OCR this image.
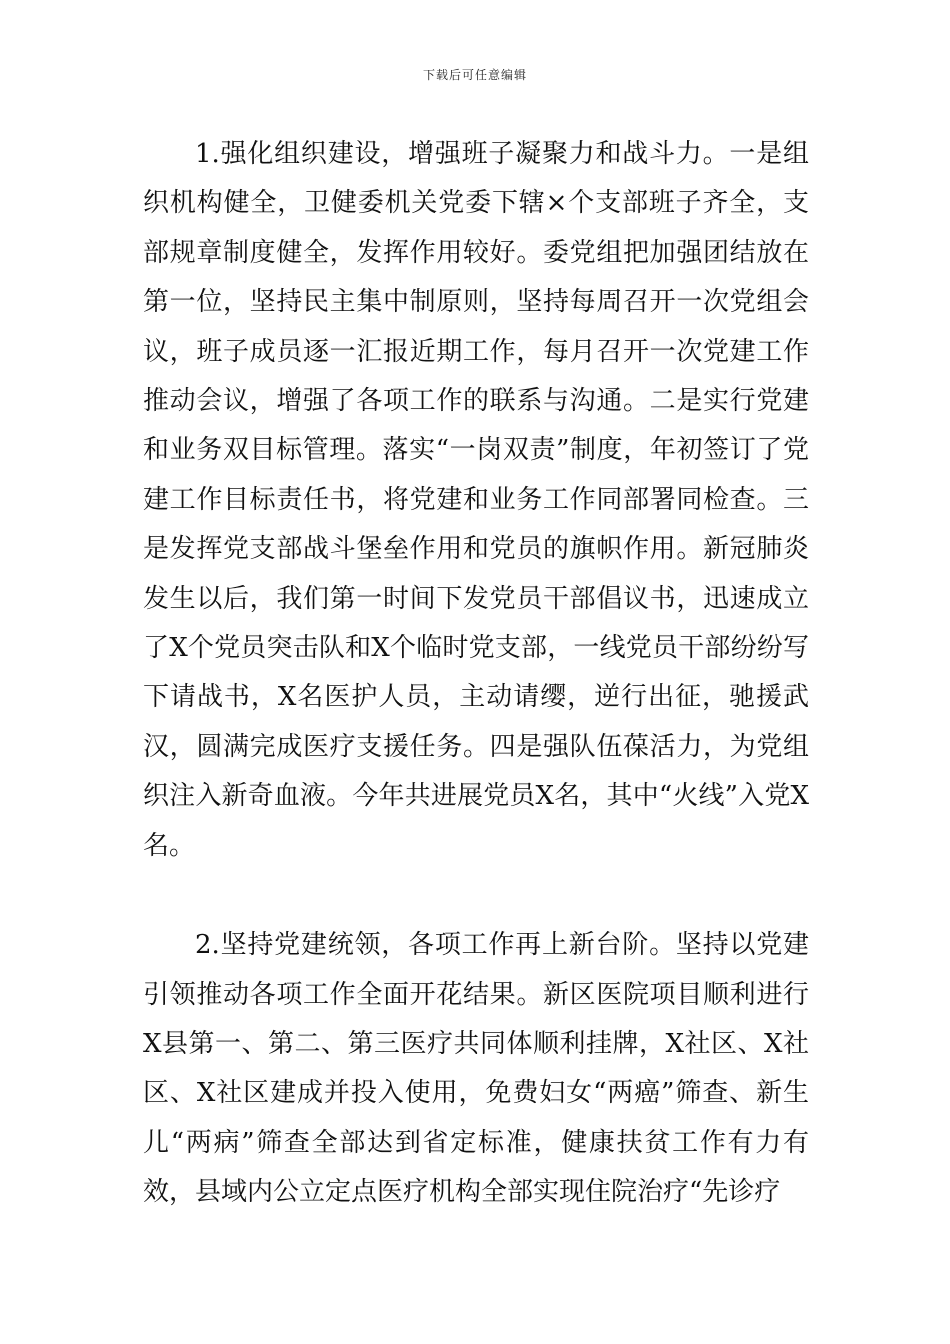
下载后可任意编辑

1.强化组织建设，增强班子凝聚力和战斗力。一是组织机构健全，卫健委机关党委下辖×个支部班子齐全，支部规章制度健全，发挥作用较好。委党组把加强团结放在第一位，坚持民主集中制原则，坚持每周召开一次党组会议，班子成员逐一汇报近期工作，每月召开一次党建工作推动会议，增强了各项工作的联系与沟通。二是实行党建和业务双目标管理。落实“一岗双责”制度，年初签订了党建工作目标责任书，将党建和业务工作同部署同检查。三是发挥党支部战斗堡垒作用和党员的旗帜作用。新冠肺炎发生以后，我们第一时间下发党员干部倡议书，迅速成立了X个党员突击队和X个临时党支部，一线党员干部纷纷写下请战书，X名医护人员，主动请缨，逆行出征，驰援武汉，圆满完成医疗支援任务。四是强队伍葆活力，为党组织注入新奇血液。今年共进展党员X名，其中“火线”入党X名。

2.坚持党建统领，各项工作再上新台阶。坚持以党建引领推动各项工作全面开花结果。新区医院项目顺利进行X县第一、第二、第三医疗共同体顺利挂牌，X社区、X社区、X社区建成并投入使用，免费妇女“两癌”筛查、新生儿“两病”筛查全部达到省定标准，健康扶贫工作有力有效，县域内公立定点医疗机构全部实现住院治疗“先诊疗
